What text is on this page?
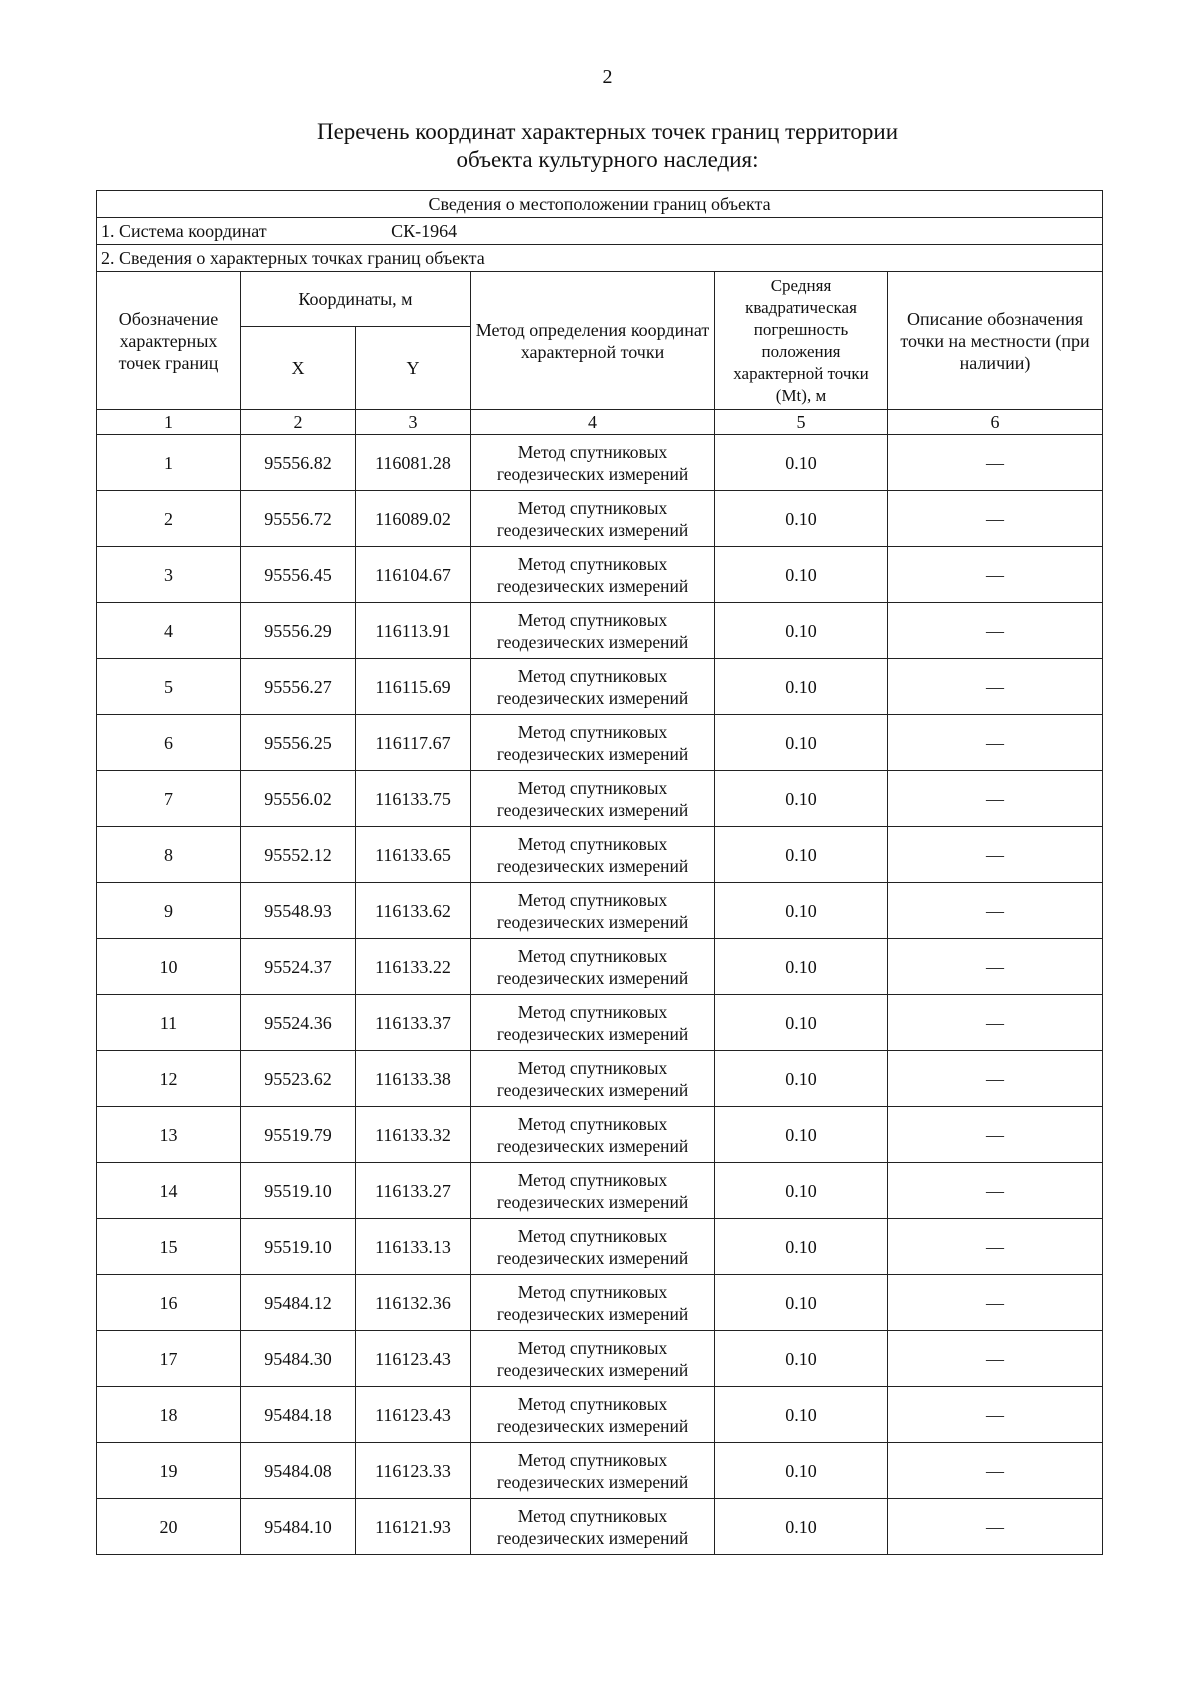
2
Перечень координат характерных точек границ территории
объекта культурного наследия:
Сведения о местоположении границ объекта					
1. Система координат СК-1964					
2. Сведения о характерных точках границ объекта					
Обозначение характерных точек границ	Координаты, м		Метод определения координат характерной точки	Средняя квадратическая погрешность положения характерной точки (Mt), м	Описание обозначения точки на местности (при наличии)
	X	Y			
1	2	3	4	5	6
1	95556.82	116081.28	Метод спутниковых геодезических измерений	0.10	—
2	95556.72	116089.02	Метод спутниковых геодезических измерений	0.10	—
3	95556.45	116104.67	Метод спутниковых геодезических измерений	0.10	—
4	95556.29	116113.91	Метод спутниковых геодезических измерений	0.10	—
5	95556.27	116115.69	Метод спутниковых геодезических измерений	0.10	—
6	95556.25	116117.67	Метод спутниковых геодезических измерений	0.10	—
7	95556.02	116133.75	Метод спутниковых геодезических измерений	0.10	—
8	95552.12	116133.65	Метод спутниковых геодезических измерений	0.10	—
9	95548.93	116133.62	Метод спутниковых геодезических измерений	0.10	—
10	95524.37	116133.22	Метод спутниковых геодезических измерений	0.10	—
11	95524.36	116133.37	Метод спутниковых геодезических измерений	0.10	—
12	95523.62	116133.38	Метод спутниковых геодезических измерений	0.10	—
13	95519.79	116133.32	Метод спутниковых геодезических измерений	0.10	—
14	95519.10	116133.27	Метод спутниковых геодезических измерений	0.10	—
15	95519.10	116133.13	Метод спутниковых геодезических измерений	0.10	—
16	95484.12	116132.36	Метод спутниковых геодезических измерений	0.10	—
17	95484.30	116123.43	Метод спутниковых геодезических измерений	0.10	—
18	95484.18	116123.43	Метод спутниковых геодезических измерений	0.10	—
19	95484.08	116123.33	Метод спутниковых геодезических измерений	0.10	—
20	95484.10	116121.93	Метод спутниковых геодезических измерений	0.10	—
